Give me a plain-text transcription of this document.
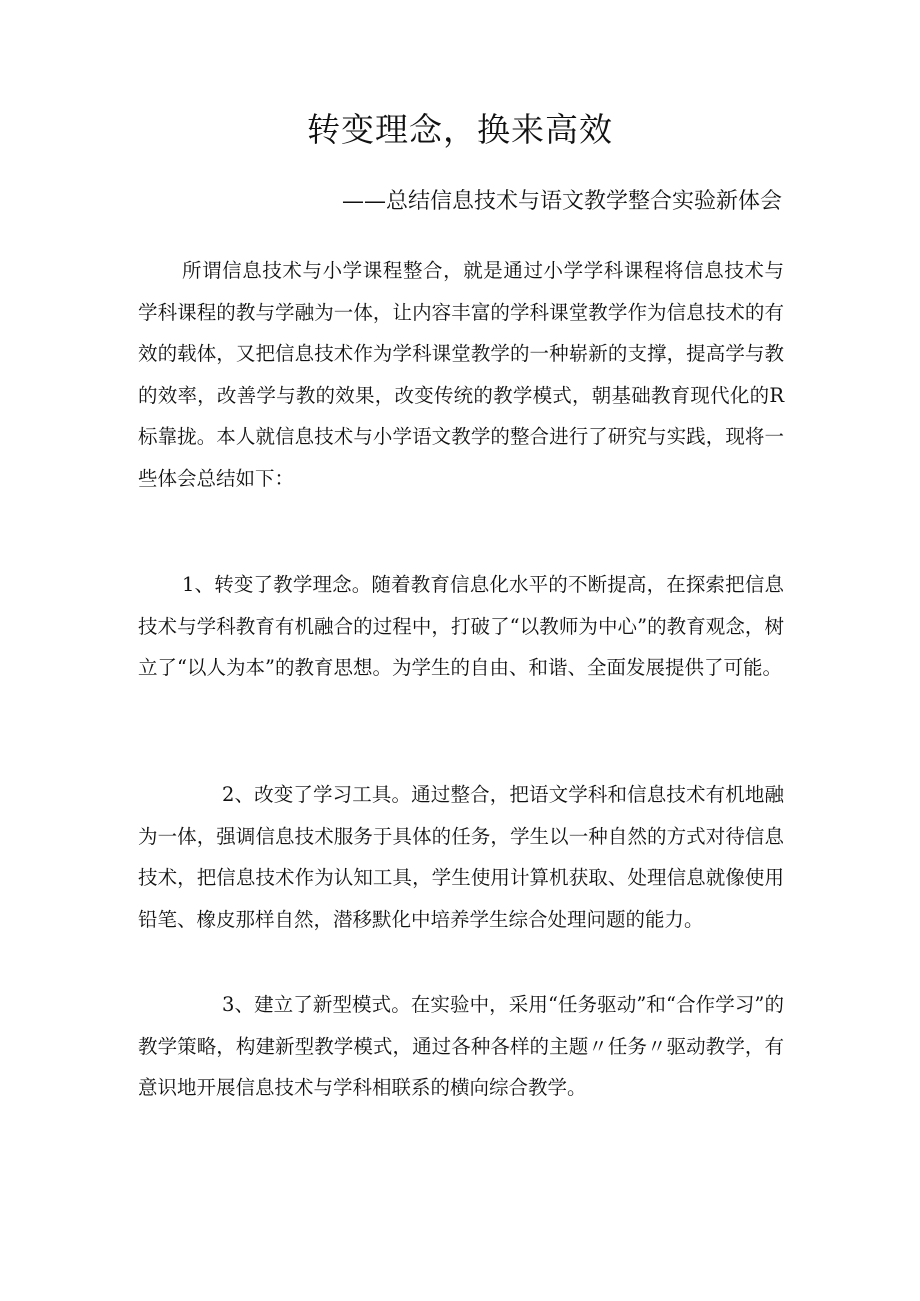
转变理念，换来高效
——总结信息技术与语文教学整合实验新体会
所谓信息技术与小学课程整合，就是通过小学学科课程将信息技术与学科课程的教与学融为一体，让内容丰富的学科课堂教学作为信息技术的有效的载体，又把信息技术作为学科课堂教学的一种崭新的支撑，提高学与教的效率，改善学与教的效果，改变传统的教学模式，朝基础教育现代化的R标靠拢。本人就信息技术与小学语文教学的整合进行了研究与实践，现将一些体会总结如下：
1、转变了教学理念。随着教育信息化水平的不断提高，在探索把信息技术与学科教育有机融合的过程中，打破了“以教师为中心”的教育观念，树立了“以人为本”的教育思想。为学生的自由、和谐、全面发展提供了可能。
2、改变了学习工具。通过整合，把语文学科和信息技术有机地融为一体，强调信息技术服务于具体的任务，学生以一种自然的方式对待信息技术，把信息技术作为认知工具，学生使用计算机获取、处理信息就像使用铅笔、橡皮那样自然，潜移默化中培养学生综合处理问题的能力。
3、建立了新型模式。在实验中，采用“任务驱动”和“合作学习”的教学策略，构建新型教学模式，通过各种各样的主题〃任务〃驱动教学，有意识地开展信息技术与学科相联系的横向综合教学。
